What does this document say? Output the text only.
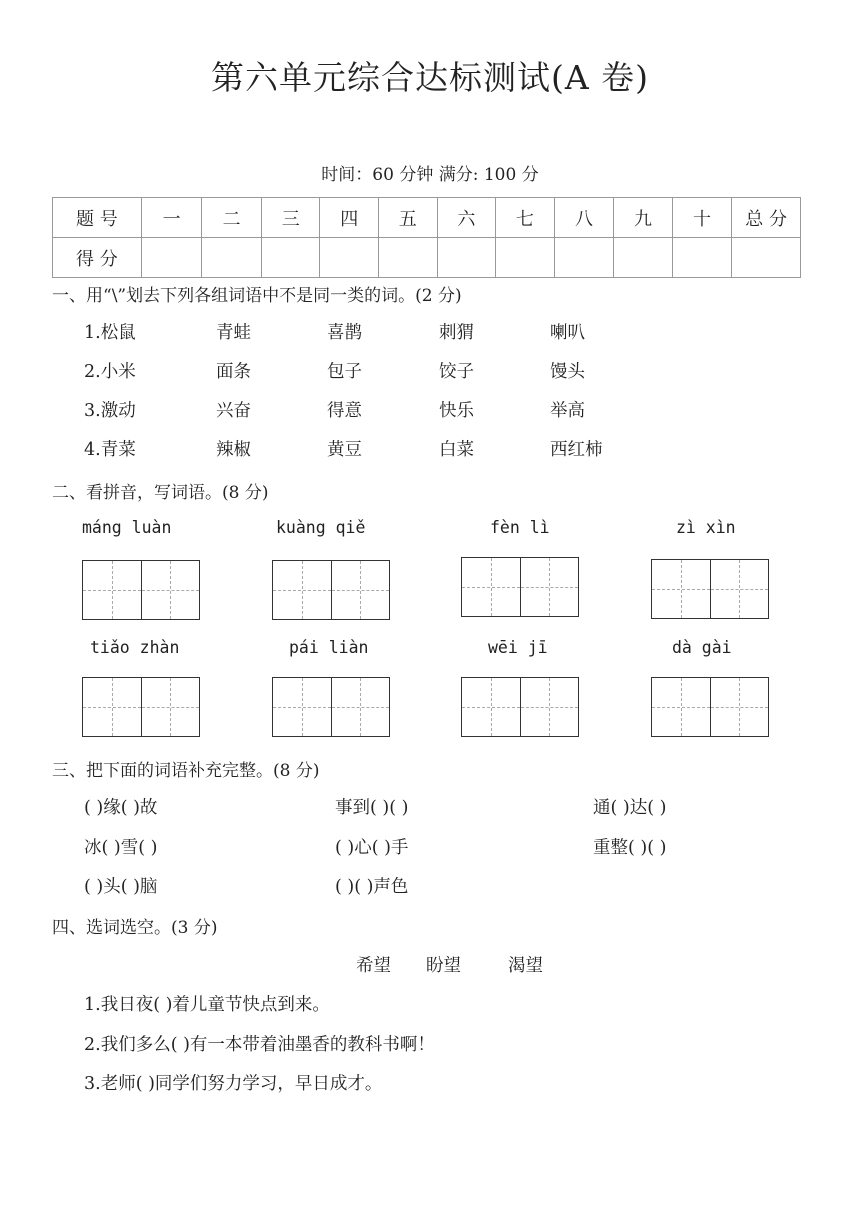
第六单元综合达标测试(A 卷)
时间：60 分钟 满分: 100 分
题 号	一	二	三	四	五	六	七	八	九	十	总 分
得 分											
一、用“\”划去下列各组词语中不是同一类的词。(2 分)
1.松鼠	青蛙	喜鹊	刺猬	喇叭
2.小米	面条	包子	饺子	馒头
3.激动	兴奋	得意	快乐	举高
4.青菜	辣椒	黄豆	白菜	西红柿
二、看拼音，写词语。(8 分)
máng luàn	kuàng qiě	fèn lì	zì xìn
tiǎo zhàn	pái liàn	wēi jī	dà gài
三、把下面的词语补充完整。(8 分)
( )缘( )故	事到( )( )	通( )达( )
冰( )雪( )	( )心( )手	重整( )( )
( )头( )脑	( )( )声色
四、选词选空。(3 分)
希望 盼望	渴望
1.我日夜( )着儿童节快点到来。
2.我们多么( )有一本带着油墨香的教科书啊！
3.老师( )同学们努力学习，早日成才。
